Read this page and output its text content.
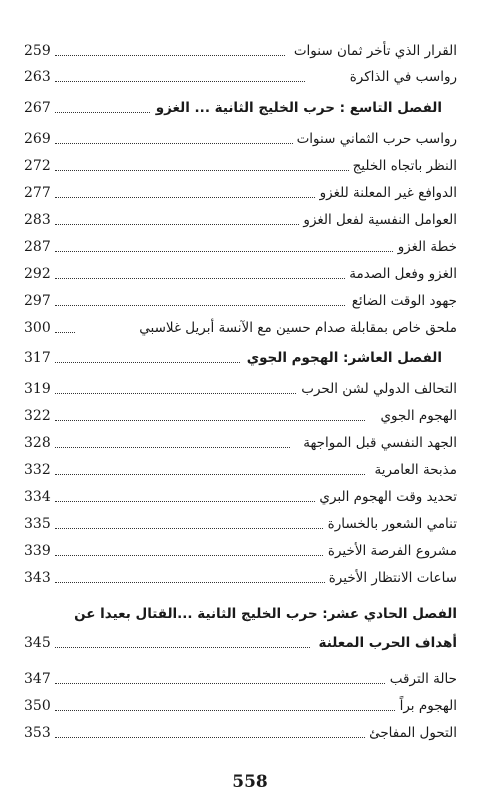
259	القرار الذي تأخر ثمان سنوات
263	رواسب في الذاكرة
267	الفصل التاسع : حرب الخليج الثانية ... الغزو
269	رواسب حرب الثماني سنوات
272	النظر باتجاه الخليج
277	الدوافع غير المعلنة للغزو
283	العوامل النفسية لفعل الغزو
287	خطة الغزو
292	الغزو وفعل الصدمة
297	جهود الوقت الضائع
300	ملحق خاص بمقابلة صدام حسين مع الآنسة أبريل غلاسبي
317	الفصل العاشر: الهجوم الجوي
319	التحالف الدولي لشن الحرب
322	الهجوم الجوي
328	الجهد النفسي قبل المواجهة
332	مذبحة العامرية
334	تحديد وقت الهجوم البري
335	تنامي الشعور بالخسارة
339	مشروع الفرصة الأخيرة
343	ساعات الانتظار الأخيرة
الفصل الحادي عشر: حرب الخليج الثانية ...القتال بعيدا عن
345	أهداف الحرب المعلنة
347	حالة الترقب
350	الهجوم براً
353	التحول المفاجئ
558
